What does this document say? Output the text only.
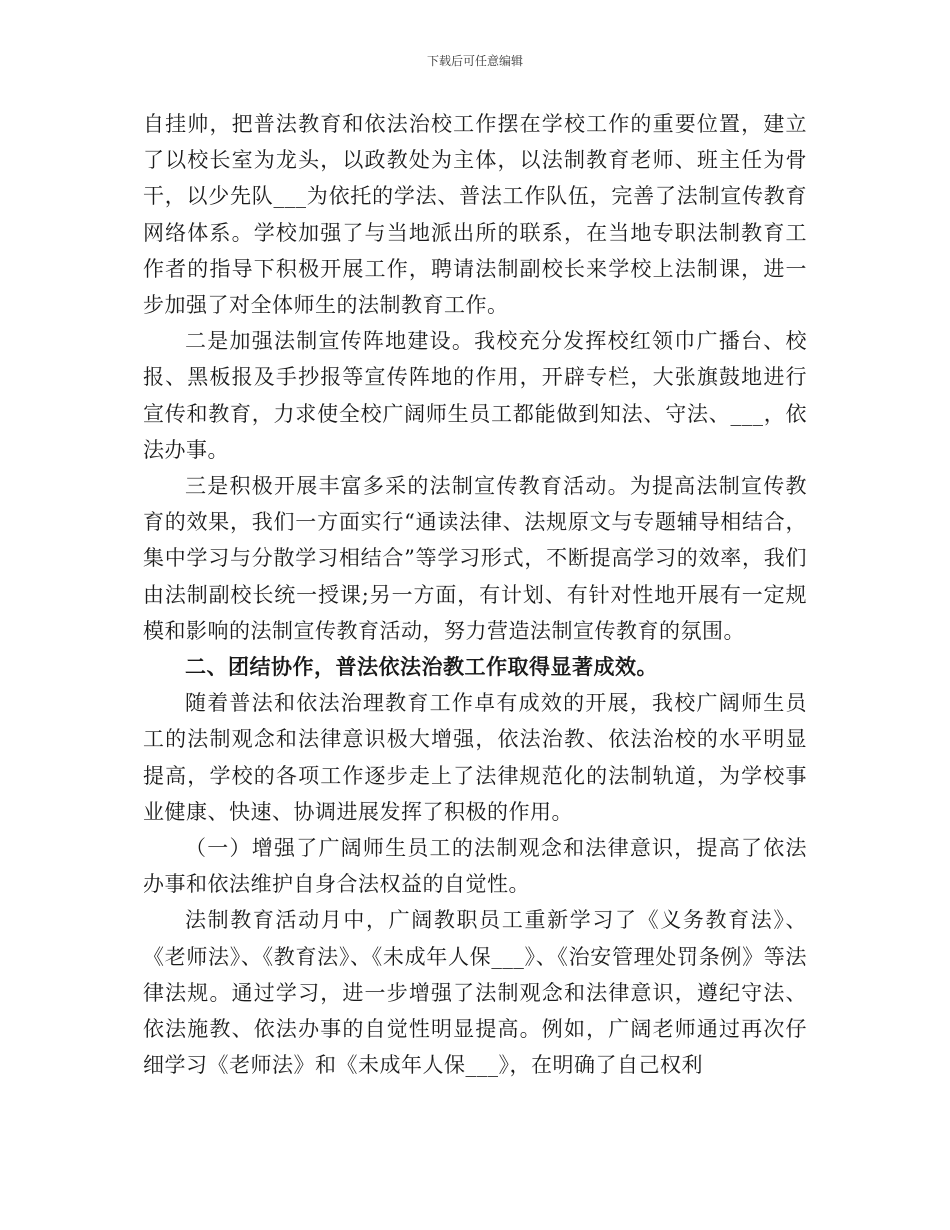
下载后可任意编辑

自挂帅，把普法教育和依法治校工作摆在学校工作的重要位置，建立了以校长室为龙头，以政教处为主体，以法制教育老师、班主任为骨干，以少先队___为依托的学法、普法工作队伍，完善了法制宣传教育网络体系。学校加强了与当地派出所的联系，在当地专职法制教育工作者的指导下积极开展工作，聘请法制副校长来学校上法制课，进一步加强了对全体师生的法制教育工作。

二是加强法制宣传阵地建设。我校充分发挥校红领巾广播台、校报、黑板报及手抄报等宣传阵地的作用，开辟专栏，大张旗鼓地进行宣传和教育，力求使全校广阔师生员工都能做到知法、守法、___，依法办事。

三是积极开展丰富多采的法制宣传教育活动。为提高法制宣传教育的效果，我们一方面实行“通读法律、法规原文与专题辅导相结合，集中学习与分散学习相结合”等学习形式，不断提高学习的效率，我们由法制副校长统一授课;另一方面，有计划、有针对性地开展有一定规模和影响的法制宣传教育活动，努力营造法制宣传教育的氛围。

二、团结协作，普法依法治教工作取得显著成效。

随着普法和依法治理教育工作卓有成效的开展，我校广阔师生员工的法制观念和法律意识极大增强，依法治教、依法治校的水平明显提高，学校的各项工作逐步走上了法律规范化的法制轨道，为学校事业健康、快速、协调进展发挥了积极的作用。

（一）增强了广阔师生员工的法制观念和法律意识，提高了依法办事和依法维护自身合法权益的自觉性。

法制教育活动月中，广阔教职员工重新学习了《义务教育法》、《老师法》、《教育法》、《未成年人保___》、《治安管理处罚条例》等法律法规。通过学习，进一步增强了法制观念和法律意识，遵纪守法、依法施教、依法办事的自觉性明显提高。例如，广阔老师通过再次仔细学习《老师法》和《未成年人保___》，在明确了自己权利
